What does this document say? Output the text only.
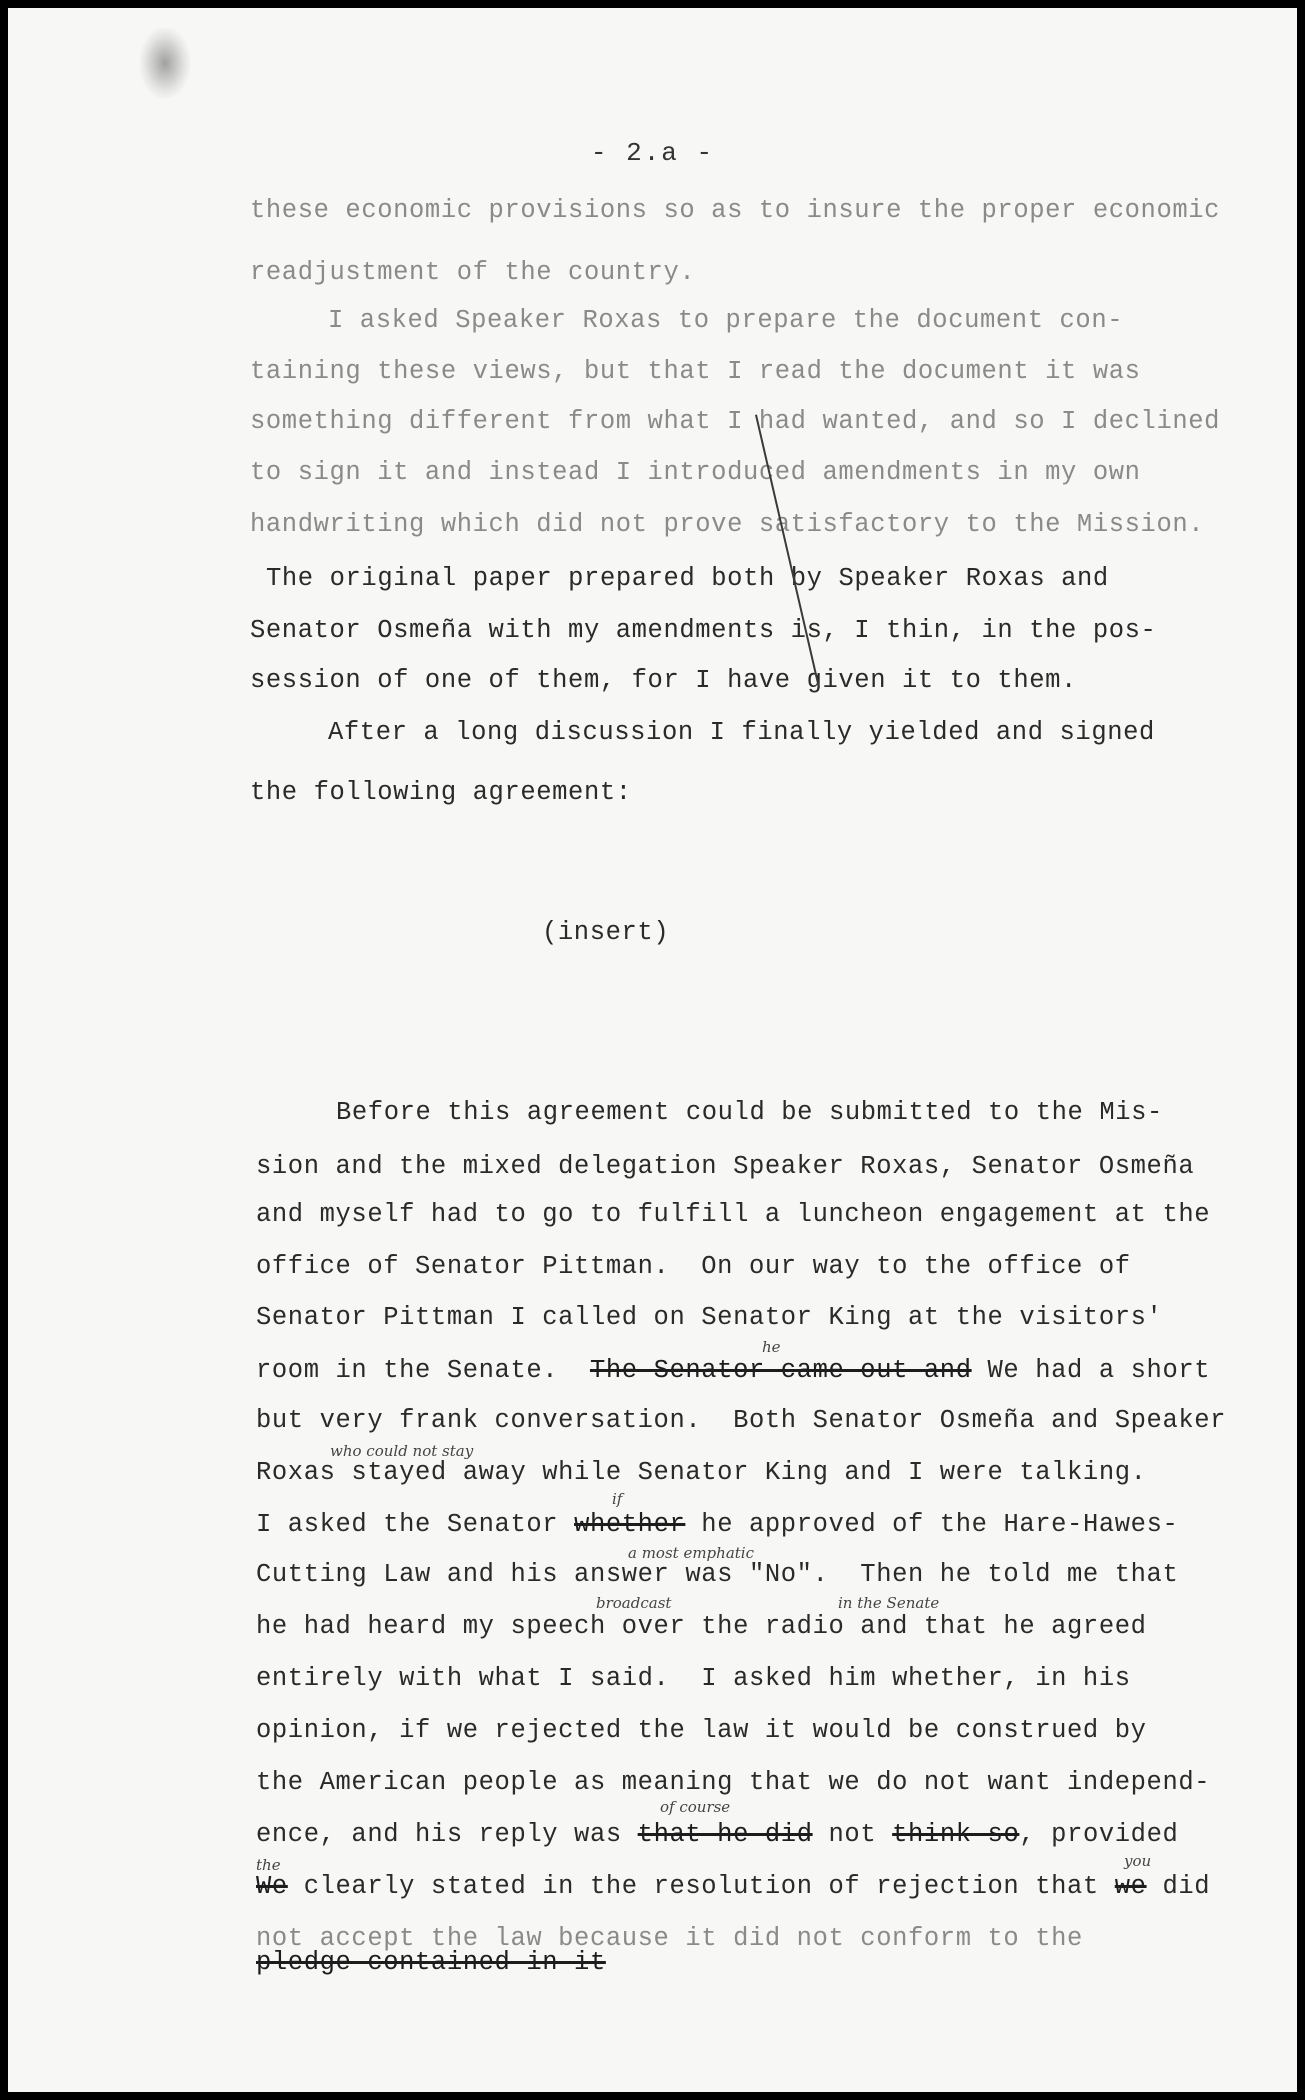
- 2.a -
these economic provisions so as to insure the proper economic
readjustment of the country.
I asked Speaker Roxas to prepare the document con-
taining these views, but that I read the document it was
something different from what I had wanted, and so I declined
to sign it and instead I introduced amendments in my own
handwriting which did not prove satisfactory to the Mission.
The original paper prepared both by Speaker Roxas and
Senator Osmeña with my amendments is, I thin, in the pos-
session of one of them, for I have given it to them.
After a long discussion I finally yielded and signed
the following agreement:
(insert)
Before this agreement could be submitted to the Mis-
sion and the mixed delegation Speaker Roxas, Senator Osmeña
and myself had to go to fulfill a luncheon engagement at the
office of Senator Pittman.  On our way to the office of
Senator Pittman I called on Senator King at the visitors'
room in the Senate.  The Senator came out and We had a short
he
but very frank conversation.  Both Senator Osmeña and Speaker
who could not stay
Roxas stayed away while Senator King and I were talking.
I asked the Senator whether he approved of the Hare-Hawes-
if
a most emphatic
Cutting Law and his answer was "No".  Then he told me that
broadcast	in the Senate
he had heard my speech over the radio and that he agreed
entirely with what I said.  I asked him whether, in his
opinion, if we rejected the law it would be construed by
the American people as meaning that we do not want independ-
of course
ence, and his reply was that he did not think so, provided
the	you
We clearly stated in the resolution of rejection that we did
not accept the law because it did not conform to the
pledge contained in it
